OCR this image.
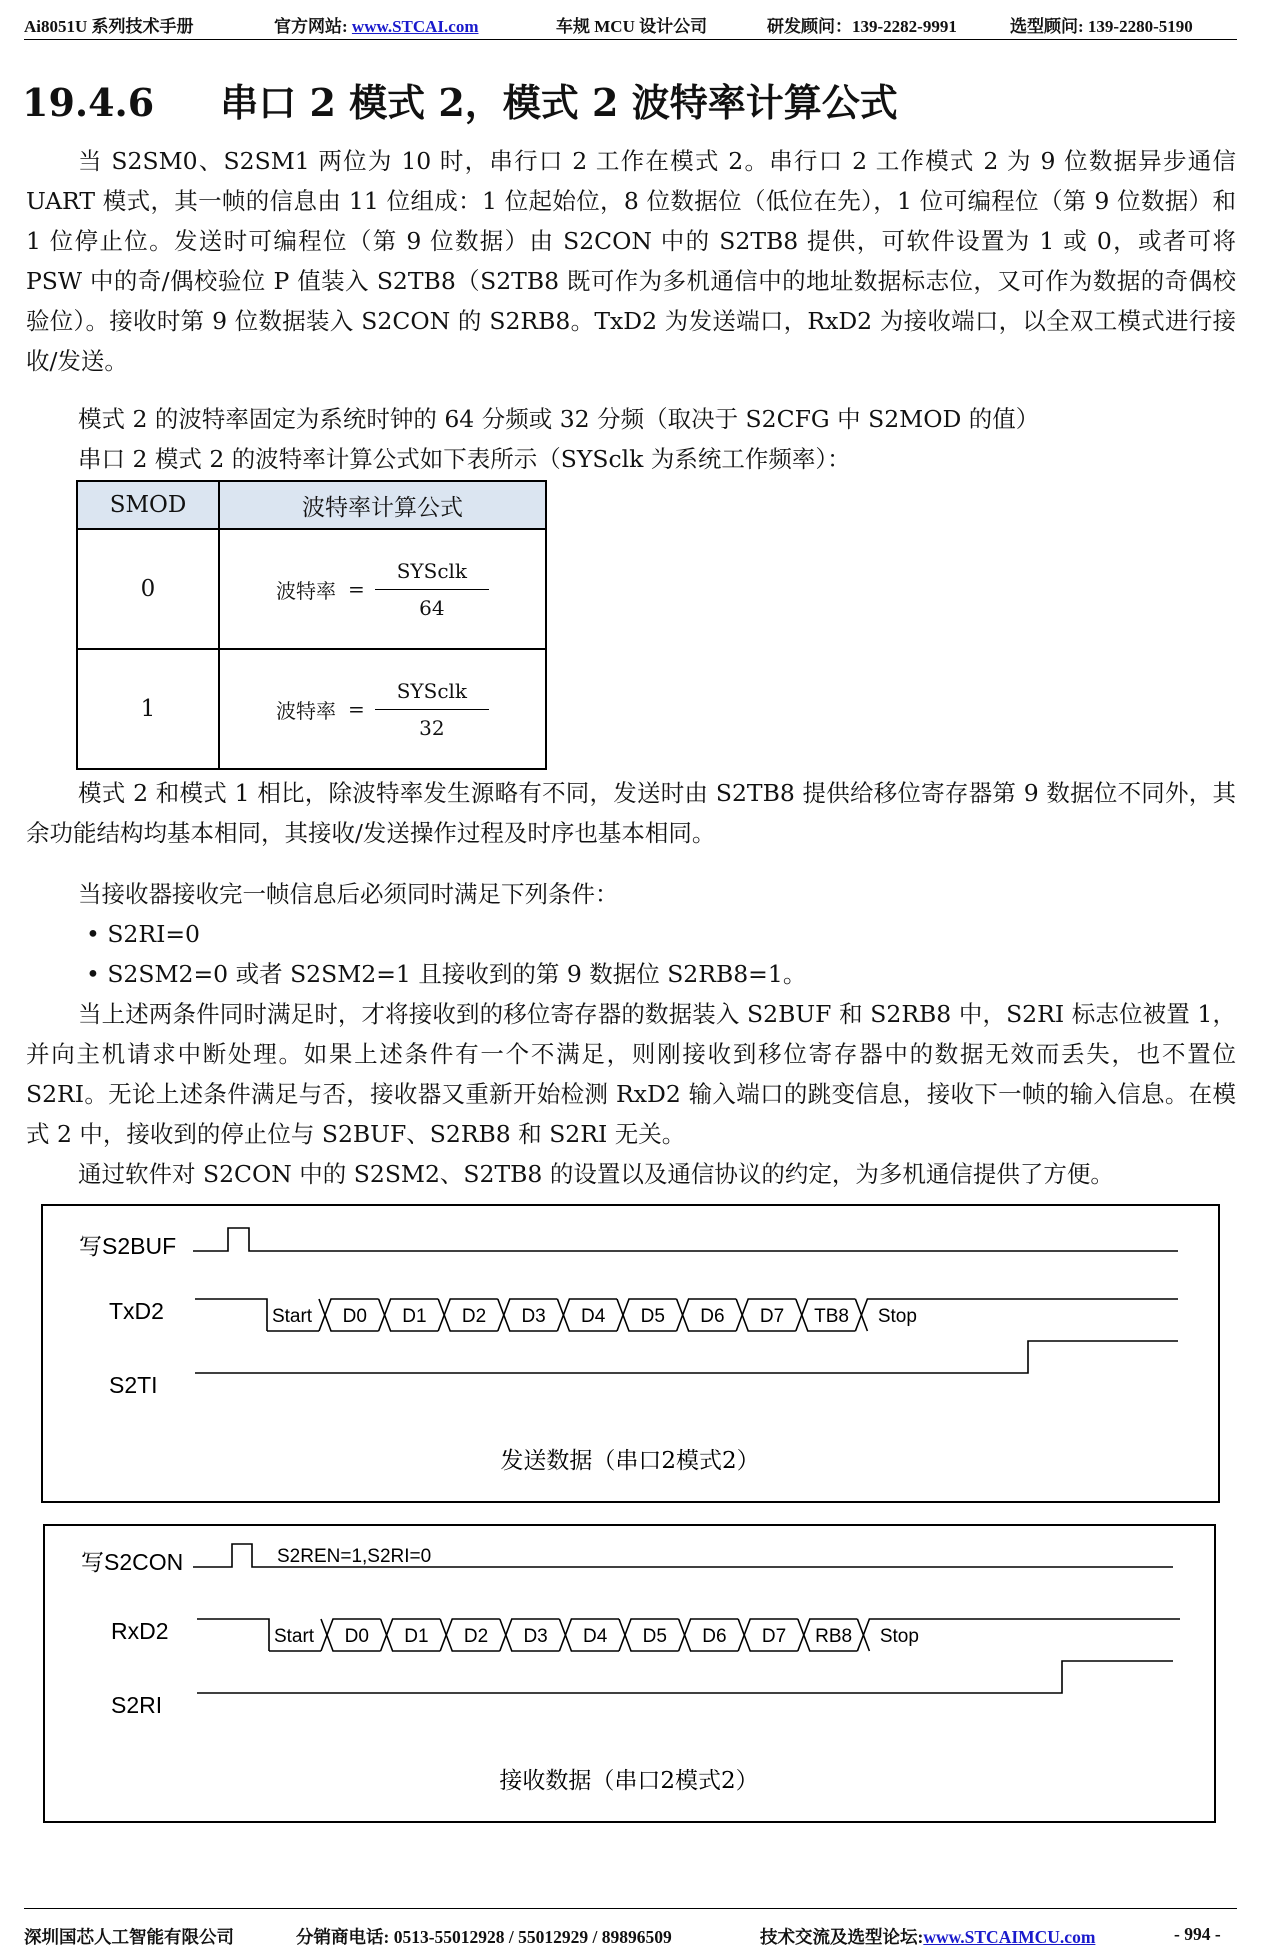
Ai8051U 系列技术手册	官方网站: www.STCAI.com	车规 MCU 设计公司	研发顾问：139-2282-9991	选型顾问: 139-2280-5190
19.4.6 串口 2 模式 2，模式 2 波特率计算公式

当 S2SM0、S2SM1 两位为 10 时，串行口 2 工作在模式 2。串行口 2 工作模式 2 为 9 位数据异步通信 UART 模式，其一帧的信息由 11 位组成：1 位起始位，8 位数据位（低位在先），1 位可编程位（第 9 位数据）和 1 位停止位。发送时可编程位（第 9 位数据）由 S2CON 中的 S2TB8 提供，可软件设置为 1 或 0，或者可将 PSW 中的奇/偶校验位 P 值装入 S2TB8（S2TB8 既可作为多机通信中的地址数据标志位，又可作为数据的奇偶校验位）。接收时第 9 位数据装入 S2CON 的 S2RB8。TxD2 为发送端口，RxD2 为接收端口，以全双工模式进行接收/发送。

模式 2 的波特率固定为系统时钟的 64 分频或 32 分频（取决于 S2CFG 中 S2MOD 的值）
串口 2 模式 2 的波特率计算公式如下表所示（SYSclk 为系统工作频率）：
SMOD	波特率计算公式
0	波特率 = $\frac{\text{SYSclk}}{64}$

1	波特率 = $\frac{\text{SYSclk}}{32}$

模式 2 和模式 1 相比，除波特率发生源略有不同，发送时由 S2TB8 提供给移位寄存器第 9 数据位不同外，其余功能结构均基本相同，其接收/发送操作过程及时序也基本相同。

当接收器接收完一帧信息后必须同时满足下列条件：
• S2RI=0
• S2SM2=0 或者 S2SM2=1 且接收到的第 9 数据位 S2RB8=1。

当上述两条件同时满足时，才将接收到的移位寄存器的数据装入 S2BUF 和 S2RB8 中，S2RI 标志位被置 1，并向主机请求中断处理。如果上述条件有一个不满足，则刚接收到移位寄存器中的数据无效而丢失，也不置位 S2RI。无论上述条件满足与否，接收器又重新开始检测 RxD2 输入端口的跳变信息，接收下一帧的输入信息。在模式 2 中，接收到的停止位与 S2BUF、S2RB8 和 S2RI 无关。

通过软件对 S2CON 中的 S2SM2、S2TB8 的设置以及通信协议的约定，为多机通信提供了方便。
写S2BUF
TxD2	Start D0 D1 D2 D3 D4 D5 D6 D7 TB8 Stop
S2TI
发送数据（串口2模式2）
写S2CON	S2REN=1,S2RI=0
RxD2	Start D0 D1 D2 D3 D4 D5 D6 D7 RB8 Stop
S2RI
接收数据（串口2模式2）
深圳国芯人工智能有限公司	分销商电话: 0513-55012928 / 55012929 / 89896509	技术交流及选型论坛:www.STCAIMCU.com	- 994 -
